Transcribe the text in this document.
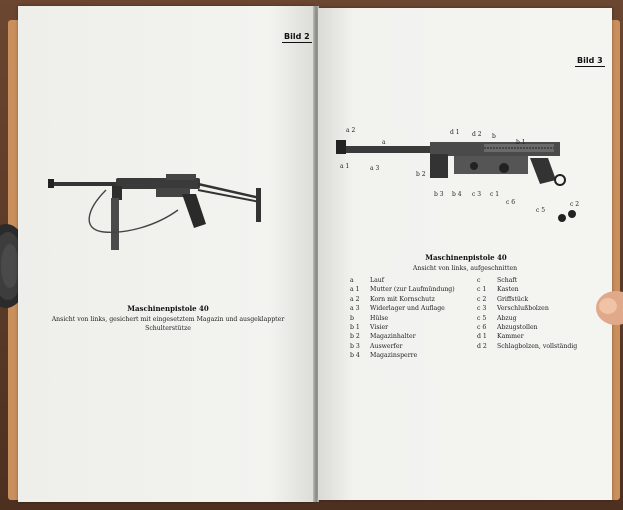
Bild 2
Maschinenpistole 40
Ansicht von links, gesichert mit eingesetztem Magazin und ausgeklappter
Schulterstütze
Bild 3
a 2
a
a 1	a 3
d 1 d 2 b
b 1
b 2
b 3 b 4 c 3 c 1
c 6
c 5
c 2
Maschinenpistole 40
Ansicht von links, aufgeschnitten
a	Lauf
a 1	Mutter (zur Laufmündung)
a 2	Korn mit Kornschutz
a 3	Widerlager und Auflage
b	Hülse
b 1	Visier
b 2	Magazinhalter
b 3	Auswerfer
b 4	Magazinsperre
c	Schaft
c 1	Kasten
c 2	Griffstück
c 3	Verschlußbolzen
c 5	Abzug
c 6	Abzugstollen
d 1	Kammer
d 2	Schlagbolzen, vollständig
